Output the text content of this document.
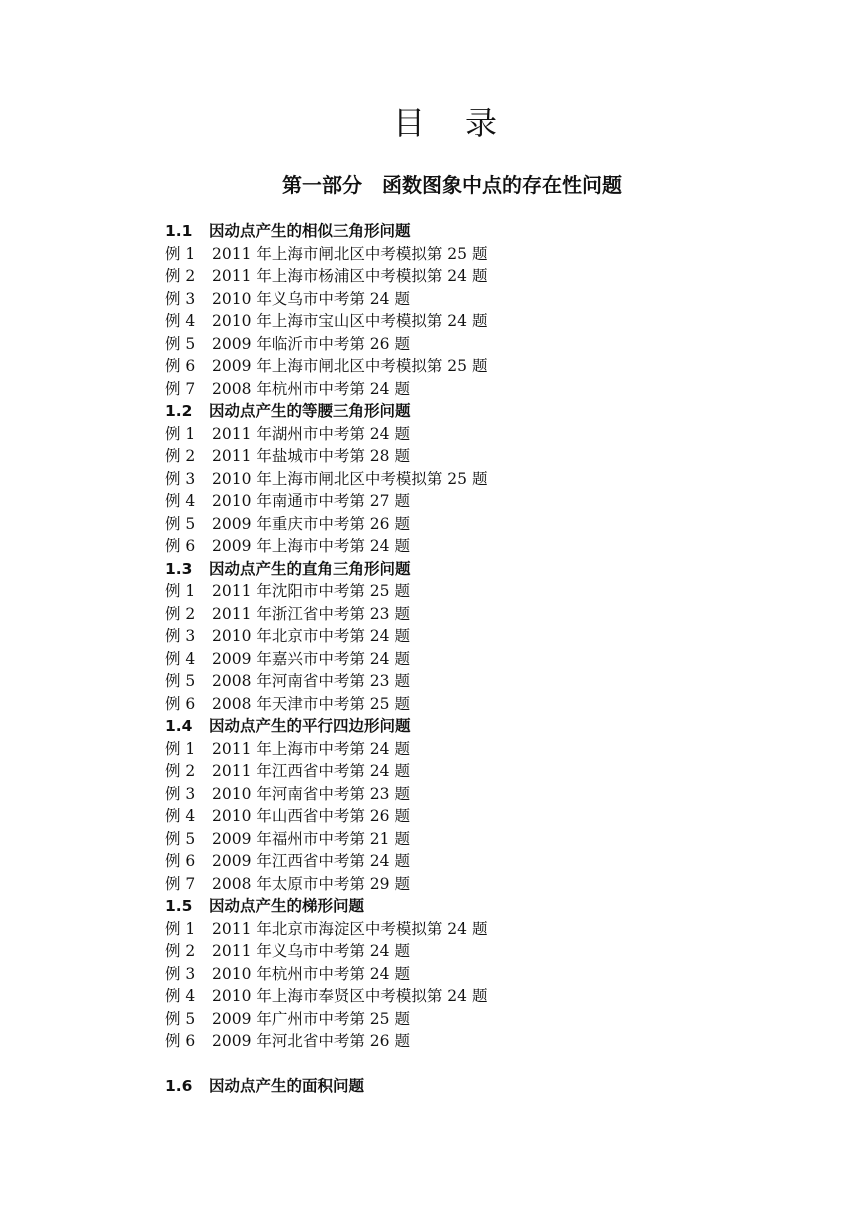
目录
第一部分　函数图象中点的存在性问题
1.1 因动点产生的相似三角形问题
例 1 2011 年上海市闸北区中考模拟第 25 题
例 2 2011 年上海市杨浦区中考模拟第 24 题
例 3 2010 年义乌市中考第 24 题
例 4 2010 年上海市宝山区中考模拟第 24 题
例 5 2009 年临沂市中考第 26 题
例 6 2009 年上海市闸北区中考模拟第 25 题
例 7 2008 年杭州市中考第 24 题
1.2 因动点产生的等腰三角形问题
例 1 2011 年湖州市中考第 24 题
例 2 2011 年盐城市中考第 28 题
例 3 2010 年上海市闸北区中考模拟第 25 题
例 4 2010 年南通市中考第 27 题
例 5 2009 年重庆市中考第 26 题
例 6 2009 年上海市中考第 24 题
1.3 因动点产生的直角三角形问题
例 1 2011 年沈阳市中考第 25 题
例 2 2011 年浙江省中考第 23 题
例 3 2010 年北京市中考第 24 题
例 4 2009 年嘉兴市中考第 24 题
例 5 2008 年河南省中考第 23 题
例 6 2008 年天津市中考第 25 题
1.4 因动点产生的平行四边形问题
例 1 2011 年上海市中考第 24 题
例 2 2011 年江西省中考第 24 题
例 3 2010 年河南省中考第 23 题
例 4 2010 年山西省中考第 26 题
例 5 2009 年福州市中考第 21 题
例 6 2009 年江西省中考第 24 题
例 7 2008 年太原市中考第 29 题
1.5 因动点产生的梯形问题
例 1 2011 年北京市海淀区中考模拟第 24 题
例 2 2011 年义乌市中考第 24 题
例 3 2010 年杭州市中考第 24 题
例 4 2010 年上海市奉贤区中考模拟第 24 题
例 5 2009 年广州市中考第 25 题
例 6 2009 年河北省中考第 26 题
1.6 因动点产生的面积问题
